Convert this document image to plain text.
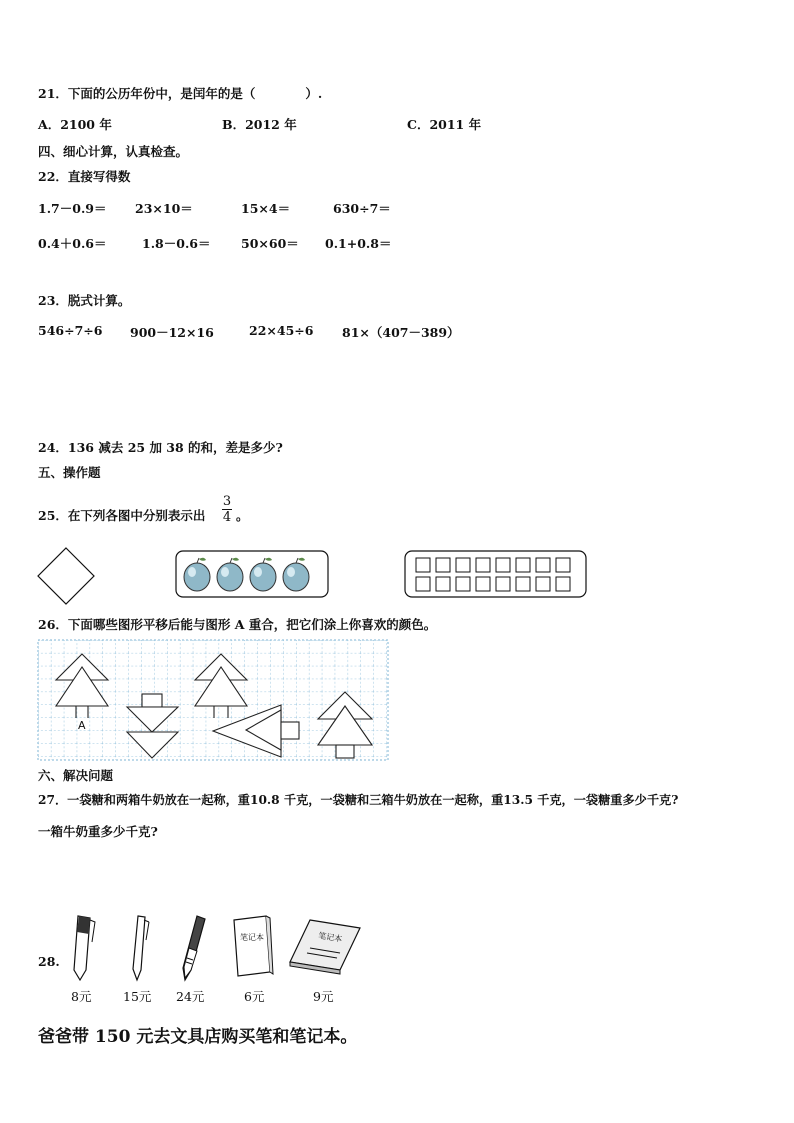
21．下面的公历年份中，是闰年的是（　　　　）.
A．2100 年	B．2012 年	C．2011 年
四、细心计算，认真检查。
22．直接写得数
1.7－0.9＝ 23×10＝	15×4＝	630÷7＝
0.4＋0.6＝	1.8－0.6＝ 50×60＝ 0.1+0.8＝
23．脱式计算。
546÷7÷6 900－12×16	22×45÷6 81×（407－389）
24．136 减去 25 加 38 的和，差是多少?
五、操作题
25．在下列各图中分别表示出
3
4 。
26．下面哪些图形平移后能与图形 A 重合，把它们涂上你喜欢的颜色。
A
六、解决问题
27．一袋糖和两箱牛奶放在一起称，重10.8 千克，一袋糖和三箱牛奶放在一起称，重13.5 千克，一袋糖重多少千克?
一箱牛奶重多少千克?
28.
笔记本	笔记本
8元	15元 24元	6元	9元
爸爸带 150 元去文具店购买笔和笔记本。
